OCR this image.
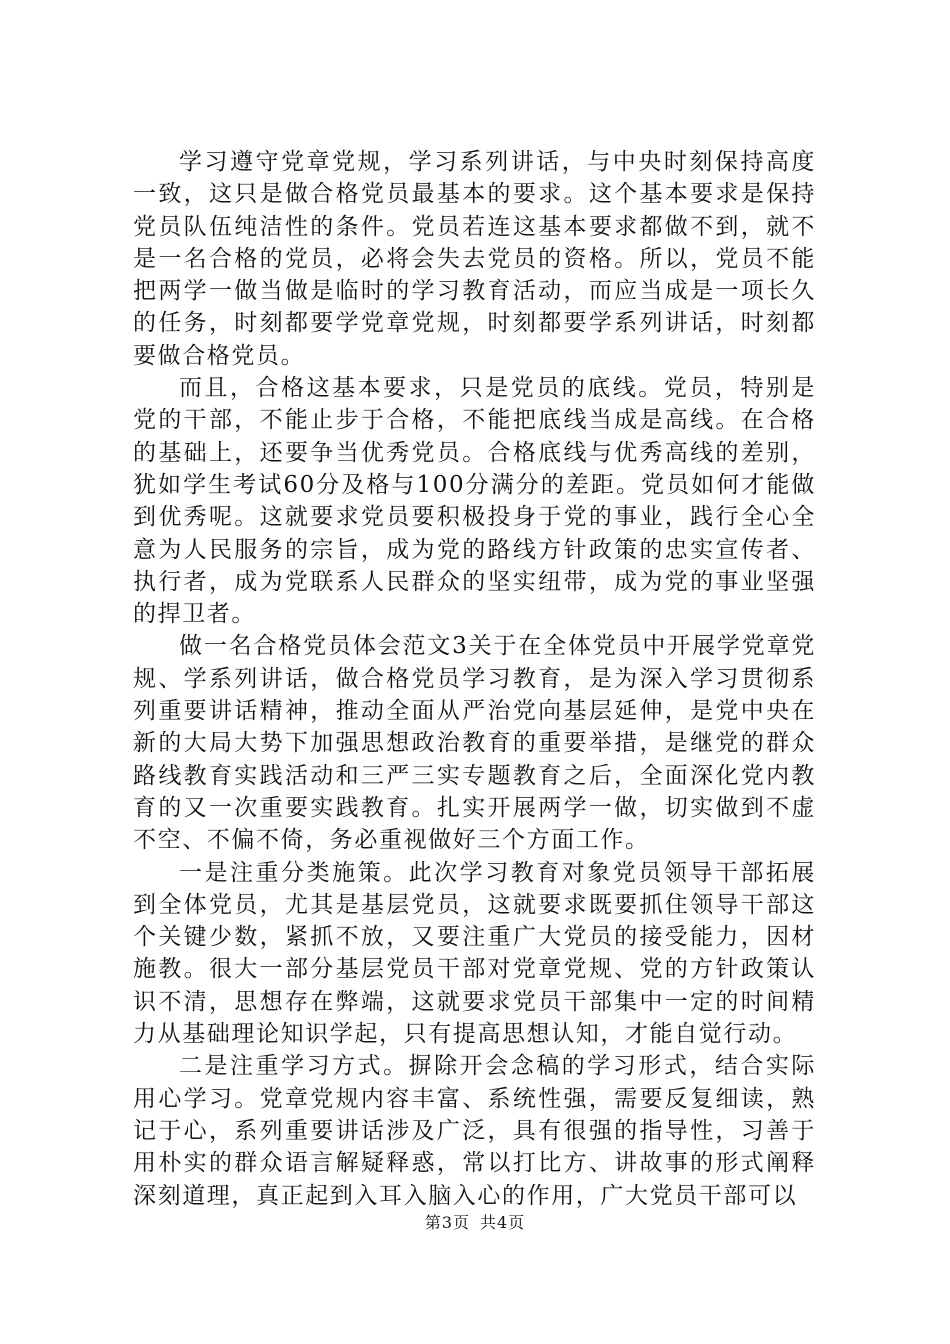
学习遵守党章党规，学习系列讲话，与中央时刻保持高度一致，这只是做合格党员最基本的要求。这个基本要求是保持党员队伍纯洁性的条件。党员若连这基本要求都做不到，就不是一名合格的党员，必将会失去党员的资格。所以，党员不能把两学一做当做是临时的学习教育活动，而应当成是一项长久的任务，时刻都要学党章党规，时刻都要学系列讲话，时刻都要做合格党员。

而且，合格这基本要求，只是党员的底线。党员，特别是党的干部，不能止步于合格，不能把底线当成是高线。在合格的基础上，还要争当优秀党员。合格底线与优秀高线的差别，犹如学生考试60分及格与100分满分的差距。党员如何才能做到优秀呢。这就要求党员要积极投身于党的事业，践行全心全意为人民服务的宗旨，成为党的路线方针政策的忠实宣传者、执行者，成为党联系人民群众的坚实纽带，成为党的事业坚强的捍卫者。

做一名合格党员体会范文3关于在全体党员中开展学党章党规、学系列讲话，做合格党员学习教育，是为深入学习贯彻系列重要讲话精神，推动全面从严治党向基层延伸，是党中央在新的大局大势下加强思想政治教育的重要举措，是继党的群众路线教育实践活动和三严三实专题教育之后，全面深化党内教育的又一次重要实践教育。扎实开展两学一做，切实做到不虚不空、不偏不倚，务必重视做好三个方面工作。

一是注重分类施策。此次学习教育对象党员领导干部拓展到全体党员，尤其是基层党员，这就要求既要抓住领导干部这个关键少数，紧抓不放，又要注重广大党员的接受能力，因材施教。很大一部分基层党员干部对党章党规、党的方针政策认识不清，思想存在弊端，这就要求党员干部集中一定的时间精力从基础理论知识学起，只有提高思想认知，才能自觉行动。

二是注重学习方式。摒除开会念稿的学习形式，结合实际用心学习。党章党规内容丰富、系统性强，需要反复细读，熟记于心，系列重要讲话涉及广泛，具有很强的指导性，习善于用朴实的群众语言解疑释惑，常以打比方、讲故事的形式阐释深刻道理，真正起到入耳入脑入心的作用，广大党员干部可以

第3页 共4页
